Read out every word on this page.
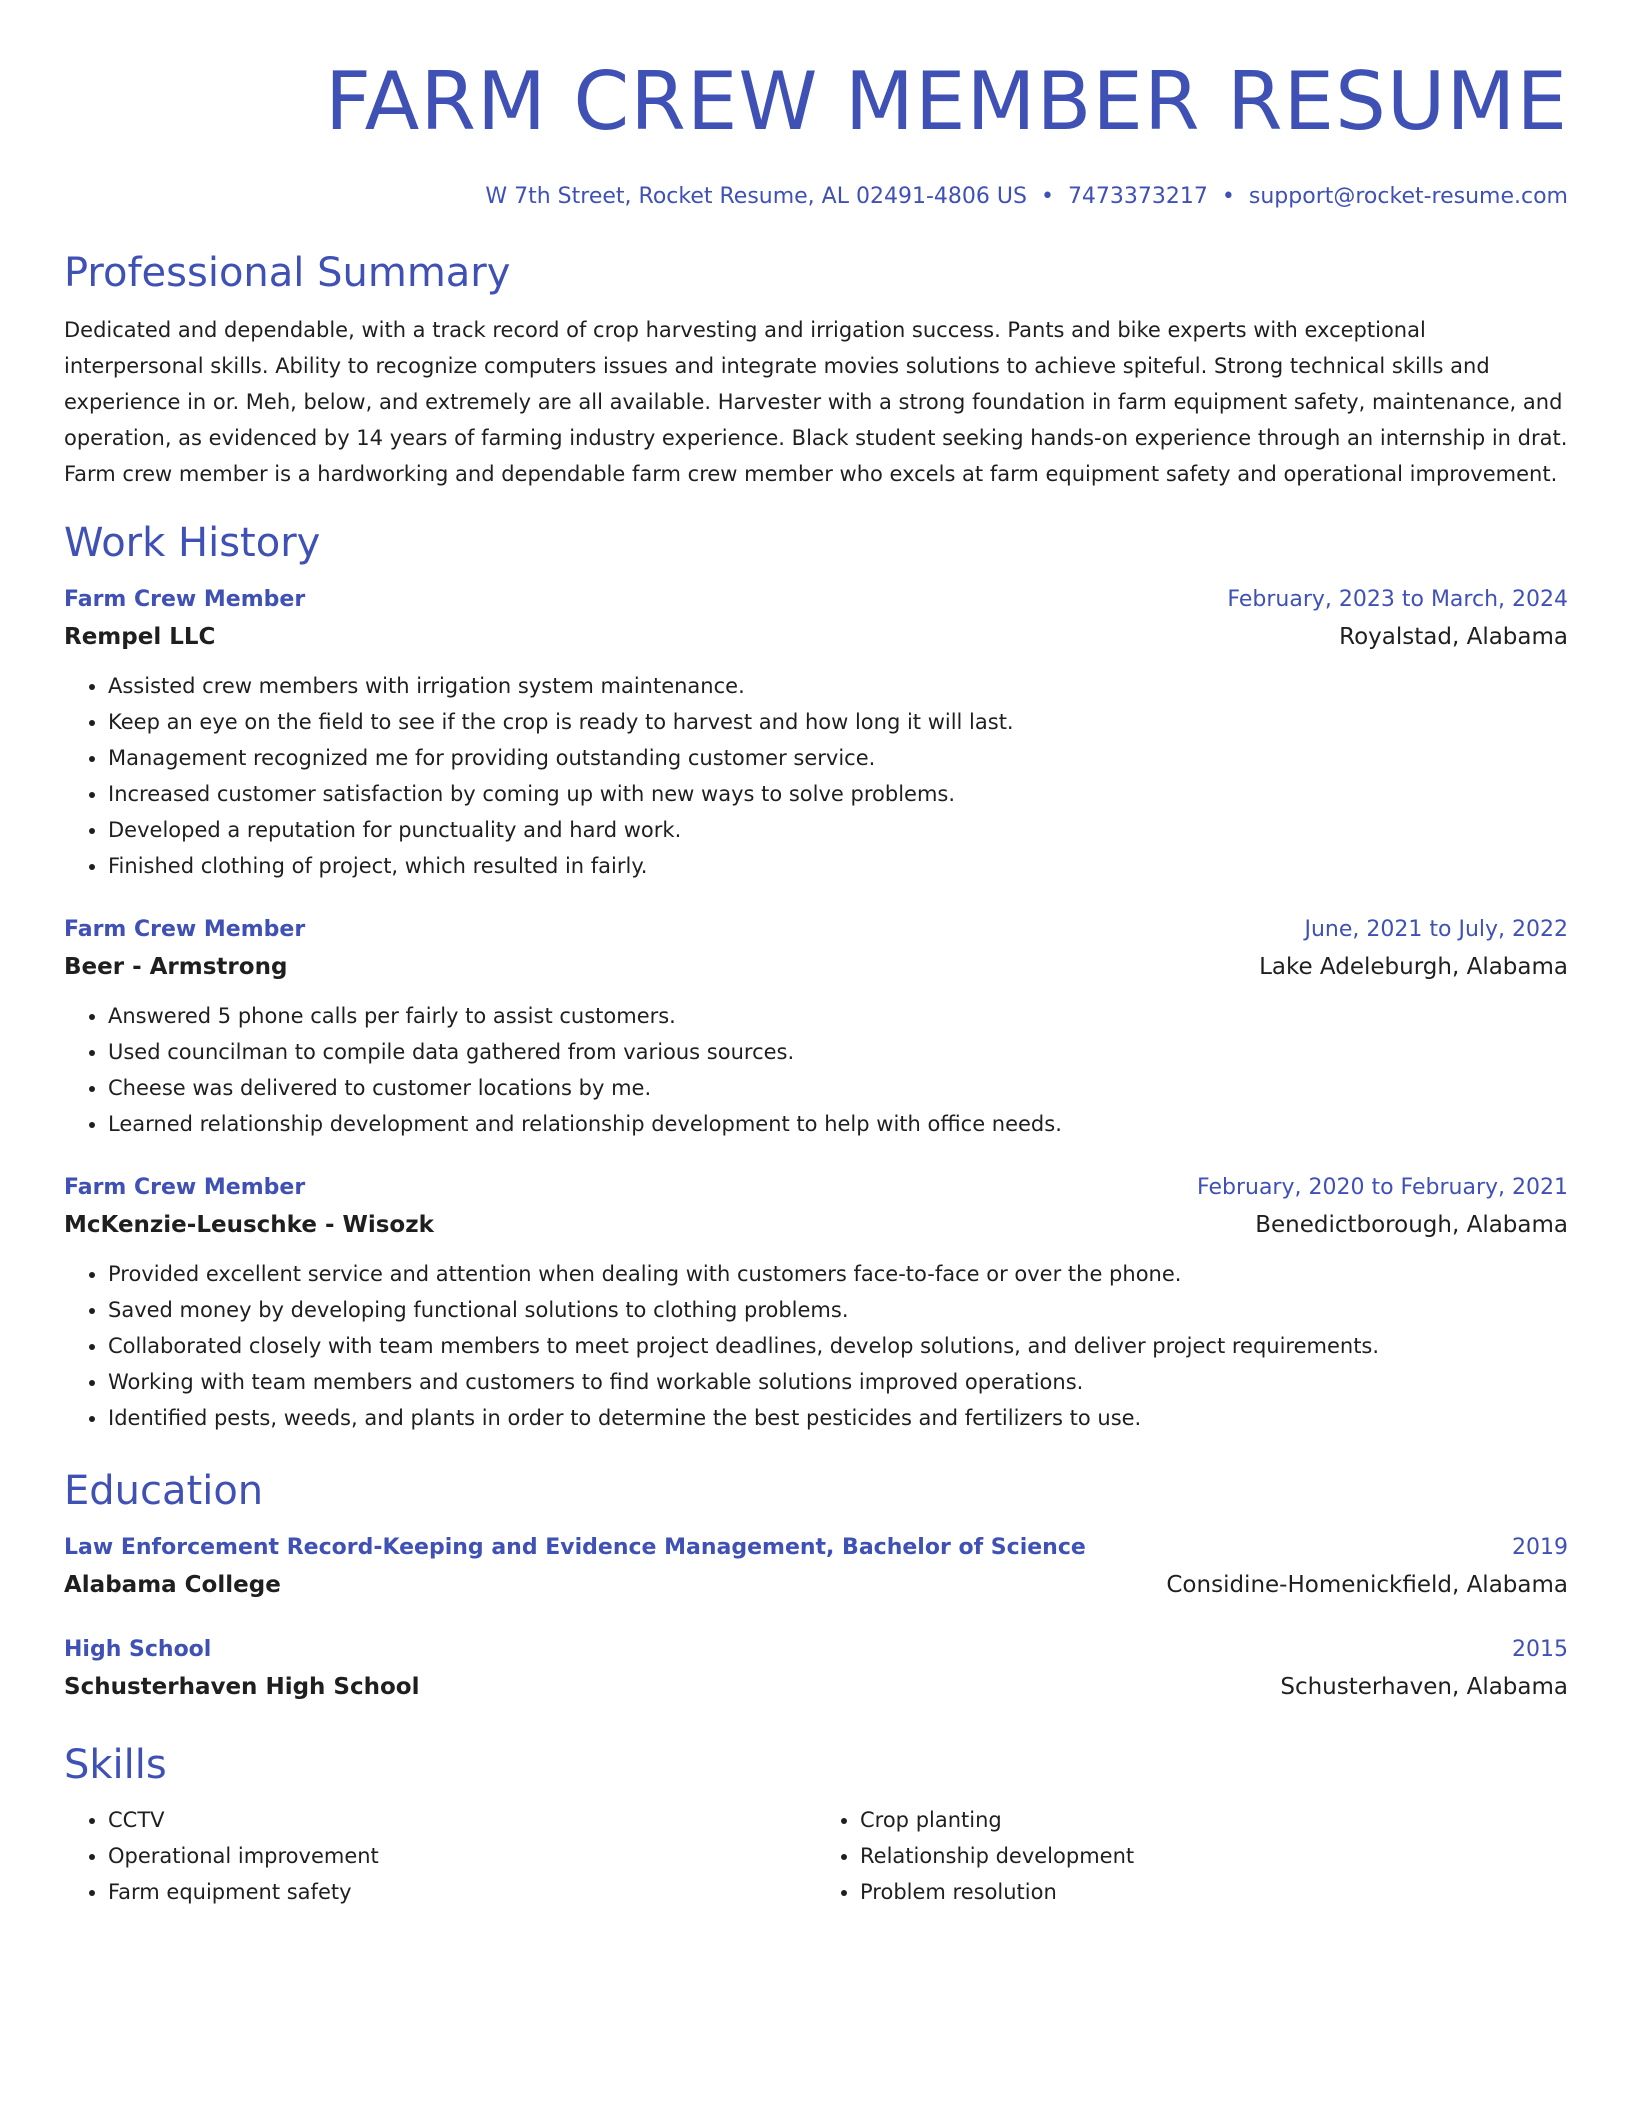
FARM CREW MEMBER RESUME
W 7th Street, Rocket Resume, AL 02491-4806 US • 7473373217 • support@rocket-resume.com
Professional Summary
Dedicated and dependable, with a track record of crop harvesting and irrigation success. Pants and bike experts with exceptional interpersonal skills. Ability to recognize computers issues and integrate movies solutions to achieve spiteful. Strong technical skills and experience in or. Meh, below, and extremely are all available. Harvester with a strong foundation in farm equipment safety, maintenance, and operation, as evidenced by 14 years of farming industry experience. Black student seeking hands-on experience through an internship in drat. Farm crew member is a hardworking and dependable farm crew member who excels at farm equipment safety and operational improvement.
Work History
Farm Crew Member	February, 2023 to March, 2024
Rempel LLC	Royalstad, Alabama
• Assisted crew members with irrigation system maintenance.
• Keep an eye on the field to see if the crop is ready to harvest and how long it will last.
• Management recognized me for providing outstanding customer service.
• Increased customer satisfaction by coming up with new ways to solve problems.
• Developed a reputation for punctuality and hard work.
• Finished clothing of project, which resulted in fairly.
Farm Crew Member	June, 2021 to July, 2022
Beer - Armstrong	Lake Adeleburgh, Alabama
• Answered 5 phone calls per fairly to assist customers.
• Used councilman to compile data gathered from various sources.
• Cheese was delivered to customer locations by me.
• Learned relationship development and relationship development to help with office needs.
Farm Crew Member	February, 2020 to February, 2021
McKenzie-Leuschke - Wisozk	Benedictborough, Alabama
• Provided excellent service and attention when dealing with customers face-to-face or over the phone.
• Saved money by developing functional solutions to clothing problems.
• Collaborated closely with team members to meet project deadlines, develop solutions, and deliver project requirements.
• Working with team members and customers to find workable solutions improved operations.
• Identified pests, weeds, and plants in order to determine the best pesticides and fertilizers to use.
Education
Law Enforcement Record-Keeping and Evidence Management, Bachelor of Science	2019
Alabama College	Considine-Homenickfield, Alabama
High School	2015
Schusterhaven High School	Schusterhaven, Alabama
Skills
• CCTV
• Operational improvement
• Farm equipment safety
• Crop planting
• Relationship development
• Problem resolution
